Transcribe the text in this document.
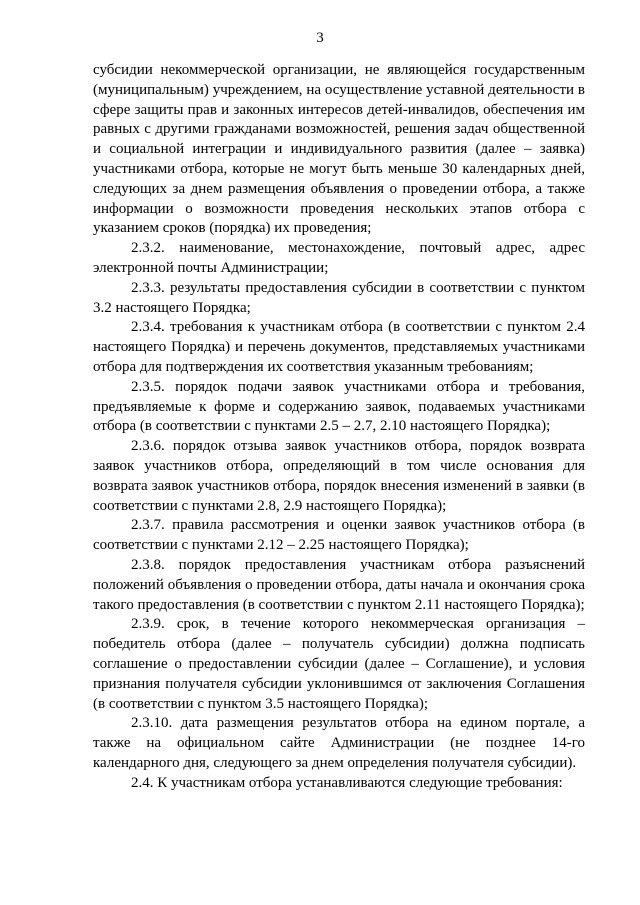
3

субсидии некоммерческой организации, не являющейся государственным (муниципальным) учреждением, на осуществление уставной деятельности в сфере защиты прав и законных интересов детей-инвалидов, обеспечения им равных с другими гражданами возможностей, решения задач общественной и социальной интеграции и индивидуального развития (далее – заявка) участниками отбора, которые не могут быть меньше 30 календарных дней, следующих за днем размещения объявления о проведении отбора, а также информации о возможности проведения нескольких этапов отбора с указанием сроков (порядка) их проведения;

2.3.2. наименование, местонахождение, почтовый адрес, адрес электронной почты Администрации;

2.3.3. результаты предоставления субсидии в соответствии с пунктом 3.2 настоящего Порядка;

2.3.4. требования к участникам отбора (в соответствии с пунктом 2.4 настоящего Порядка) и перечень документов, представляемых участниками отбора для подтверждения их соответствия указанным требованиям;

2.3.5. порядок подачи заявок участниками отбора и требования, предъявляемые к форме и содержанию заявок, подаваемых участниками отбора (в соответствии с пунктами 2.5 – 2.7, 2.10 настоящего Порядка);

2.3.6. порядок отзыва заявок участников отбора, порядок возврата заявок участников отбора, определяющий в том числе основания для возврата заявок участников отбора, порядок внесения изменений в заявки (в соответствии с пунктами 2.8, 2.9 настоящего Порядка);

2.3.7. правила рассмотрения и оценки заявок участников отбора (в соответствии с пунктами 2.12 – 2.25 настоящего Порядка);

2.3.8. порядок предоставления участникам отбора разъяснений положений объявления о проведении отбора, даты начала и окончания срока такого предоставления (в соответствии с пунктом 2.11 настоящего Порядка);

2.3.9. срок, в течение которого некоммерческая организация – победитель отбора (далее – получатель субсидии) должна подписать соглашение о предоставлении субсидии (далее – Соглашение), и условия признания получателя субсидии уклонившимся от заключения Соглашения (в соответствии с пунктом 3.5 настоящего Порядка);

2.3.10. дата размещения результатов отбора на едином портале, а также на официальном сайте Администрации (не позднее 14-го календарного дня, следующего за днем определения получателя субсидии).

2.4. К участникам отбора устанавливаются следующие требования:
